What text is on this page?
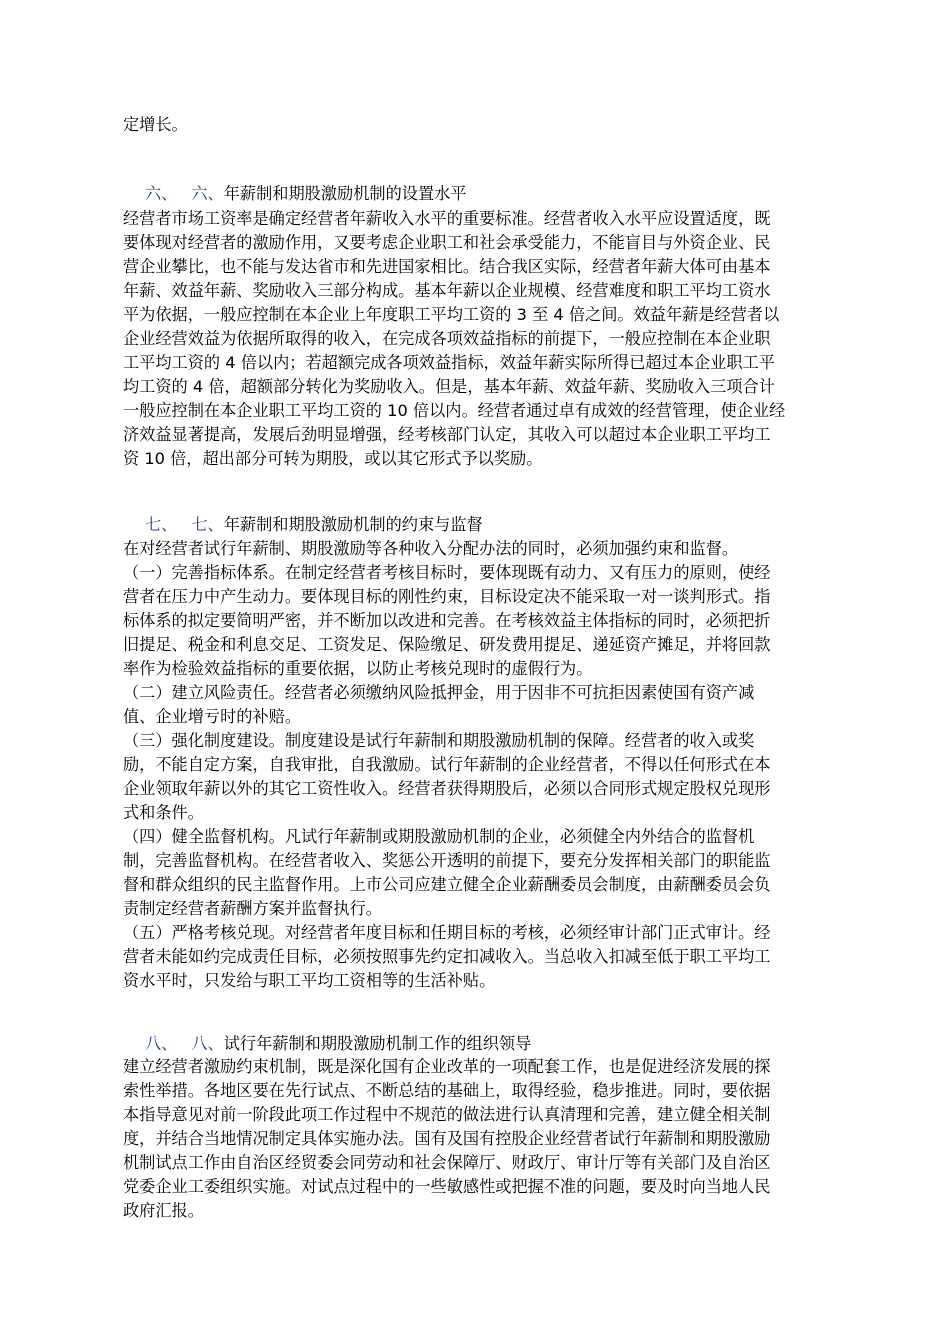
定增长。
六、 六、年薪制和期股激励机制的设置水平
经营者市场工资率是确定经营者年薪收入水平的重要标准。经营者收入水平应设置适度，既
要体现对经营者的激励作用，又要考虑企业职工和社会承受能力，不能盲目与外资企业、民
营企业攀比，也不能与发达省市和先进国家相比。结合我区实际，经营者年薪大体可由基本
年薪、效益年薪、奖励收入三部分构成。基本年薪以企业规模、经营难度和职工平均工资水
平为依据，一般应控制在本企业上年度职工平均工资的 3 至 4 倍之间。效益年薪是经营者以
企业经营效益为依据所取得的收入，在完成各项效益指标的前提下，一般应控制在本企业职
工平均工资的 4 倍以内；若超额完成各项效益指标，效益年薪实际所得已超过本企业职工平
均工资的 4 倍，超额部分转化为奖励收入。但是，基本年薪、效益年薪、奖励收入三项合计
一般应控制在本企业职工平均工资的 10 倍以内。经营者通过卓有成效的经营管理，使企业经
济效益显著提高，发展后劲明显增强，经考核部门认定，其收入可以超过本企业职工平均工
资 10 倍，超出部分可转为期股，或以其它形式予以奖励。
七、 七、年薪制和期股激励机制的约束与监督
在对经营者试行年薪制、期股激励等各种收入分配办法的同时，必须加强约束和监督。
（一）完善指标体系。在制定经营者考核目标时，要体现既有动力、又有压力的原则，使经
营者在压力中产生动力。要体现目标的刚性约束，目标设定决不能采取一对一谈判形式。指
标体系的拟定要简明严密，并不断加以改进和完善。在考核效益主体指标的同时，必须把折
旧提足、税金和利息交足、工资发足、保险缴足、研发费用提足、递延资产摊足，并将回款
率作为检验效益指标的重要依据，以防止考核兑现时的虚假行为。
（二）建立风险责任。经营者必须缴纳风险抵押金，用于因非不可抗拒因素使国有资产减
值、企业增亏时的补赔。
（三）强化制度建设。制度建设是试行年薪制和期股激励机制的保障。经营者的收入或奖
励，不能自定方案，自我审批，自我激励。试行年薪制的企业经营者，不得以任何形式在本
企业领取年薪以外的其它工资性收入。经营者获得期股后，必须以合同形式规定股权兑现形
式和条件。
（四）健全监督机构。凡试行年薪制或期股激励机制的企业，必须健全内外结合的监督机
制，完善监督机构。在经营者收入、奖惩公开透明的前提下，要充分发挥相关部门的职能监
督和群众组织的民主监督作用。上市公司应建立健全企业薪酬委员会制度，由薪酬委员会负
责制定经营者薪酬方案并监督执行。
（五）严格考核兑现。对经营者年度目标和任期目标的考核，必须经审计部门正式审计。经
营者未能如约完成责任目标，必须按照事先约定扣减收入。当总收入扣减至低于职工平均工
资水平时，只发给与职工平均工资相等的生活补贴。
八、 八、试行年薪制和期股激励机制工作的组织领导
建立经营者激励约束机制，既是深化国有企业改革的一项配套工作，也是促进经济发展的探
索性举措。各地区要在先行试点、不断总结的基础上，取得经验，稳步推进。同时，要依据
本指导意见对前一阶段此项工作过程中不规范的做法进行认真清理和完善，建立健全相关制
度，并结合当地情况制定具体实施办法。国有及国有控股企业经营者试行年薪制和期股激励
机制试点工作由自治区经贸委会同劳动和社会保障厅、财政厅、审计厅等有关部门及自治区
党委企业工委组织实施。对试点过程中的一些敏感性或把握不准的问题，要及时向当地人民
政府汇报。
